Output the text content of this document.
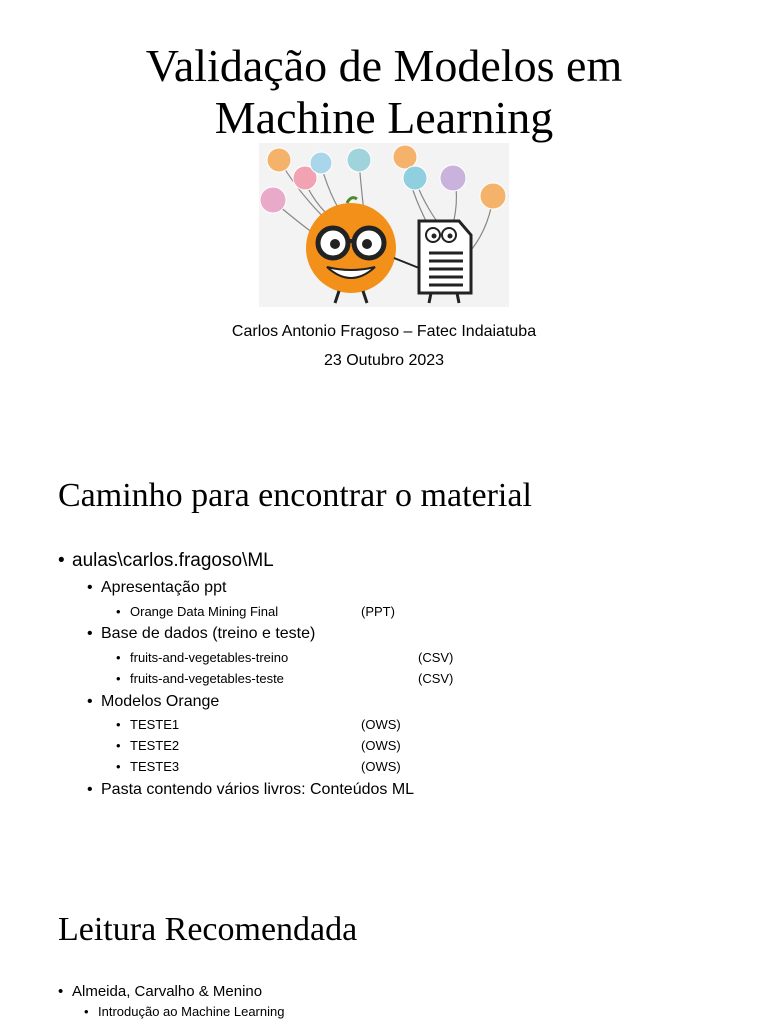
Validação de Modelos em
Machine Learning
Carlos Antonio Fragoso – Fatec Indaiatuba
23 Outubro 2023
Caminho para encontrar o material
• aulas\carlos.fragoso\ML
• Apresentação ppt
• Orange Data Mining Final	(PPT)
• Base de dados (treino e teste)
• fruits-and-vegetables-treino	(CSV)
• fruits-and-vegetables-teste	(CSV)
• Modelos Orange
• TESTE1	(OWS)
• TESTE2	(OWS)
• TESTE3	(OWS)
• Pasta contendo vários livros: Conteúdos ML
Leitura Recomendada
• Almeida, Carvalho & Menino
• Introdução ao Machine Learning
